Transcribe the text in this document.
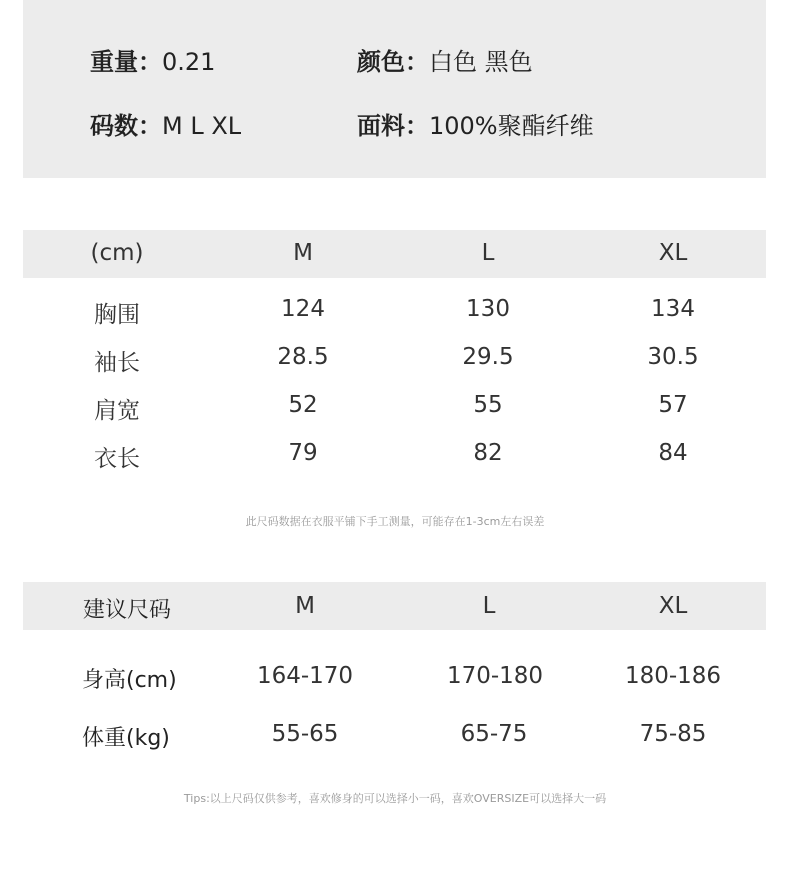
重量：0.21	颜色：白色 黑色
码数：M L XL	面料：100%聚酯纤维
(cm)	M	L	XL
胸围	124	130	134
袖长	28.5	29.5	30.5
肩宽	52	55	57
衣长	79	82	84
此尺码数据在衣服平铺下手工测量，可能存在1-3cm左右误差
建议尺码	M	L	XL
身高(cm)	164-170	170-180	180-186
体重(kg)	55-65	65-75	75-85
Tips:以上尺码仅供参考，喜欢修身的可以选择小一码，喜欢OVERSIZE可以选择大一码
